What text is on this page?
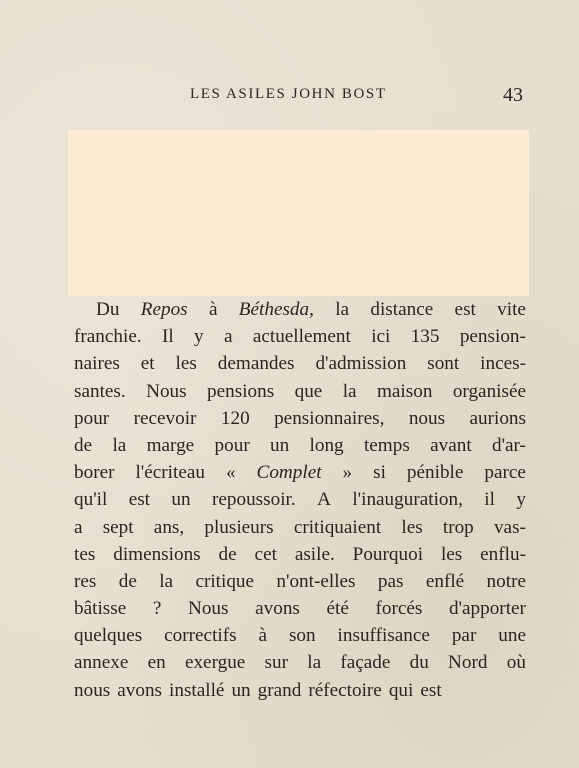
LES ASILES JOHN BOST	43
Du Repos à Béthesda, la distance est vite
franchie. Il y a actuellement ici 135 pension-
naires et les demandes d'admission sont inces-
santes. Nous pensions que la maison organisée
pour recevoir 120 pensionnaires, nous aurions
de la marge pour un long temps avant d'ar-
borer l'écriteau « Complet » si pénible parce
qu'il est un repoussoir. A l'inauguration, il y
a sept ans, plusieurs critiquaient les trop vas-
tes dimensions de cet asile. Pourquoi les enflu-
res de la critique n'ont-elles pas enflé notre
bâtisse ? Nous avons été forcés d'apporter
quelques correctifs à son insuffisance par une
annexe en exergue sur la façade du Nord où
nous avons installé un grand réfectoire qui est
